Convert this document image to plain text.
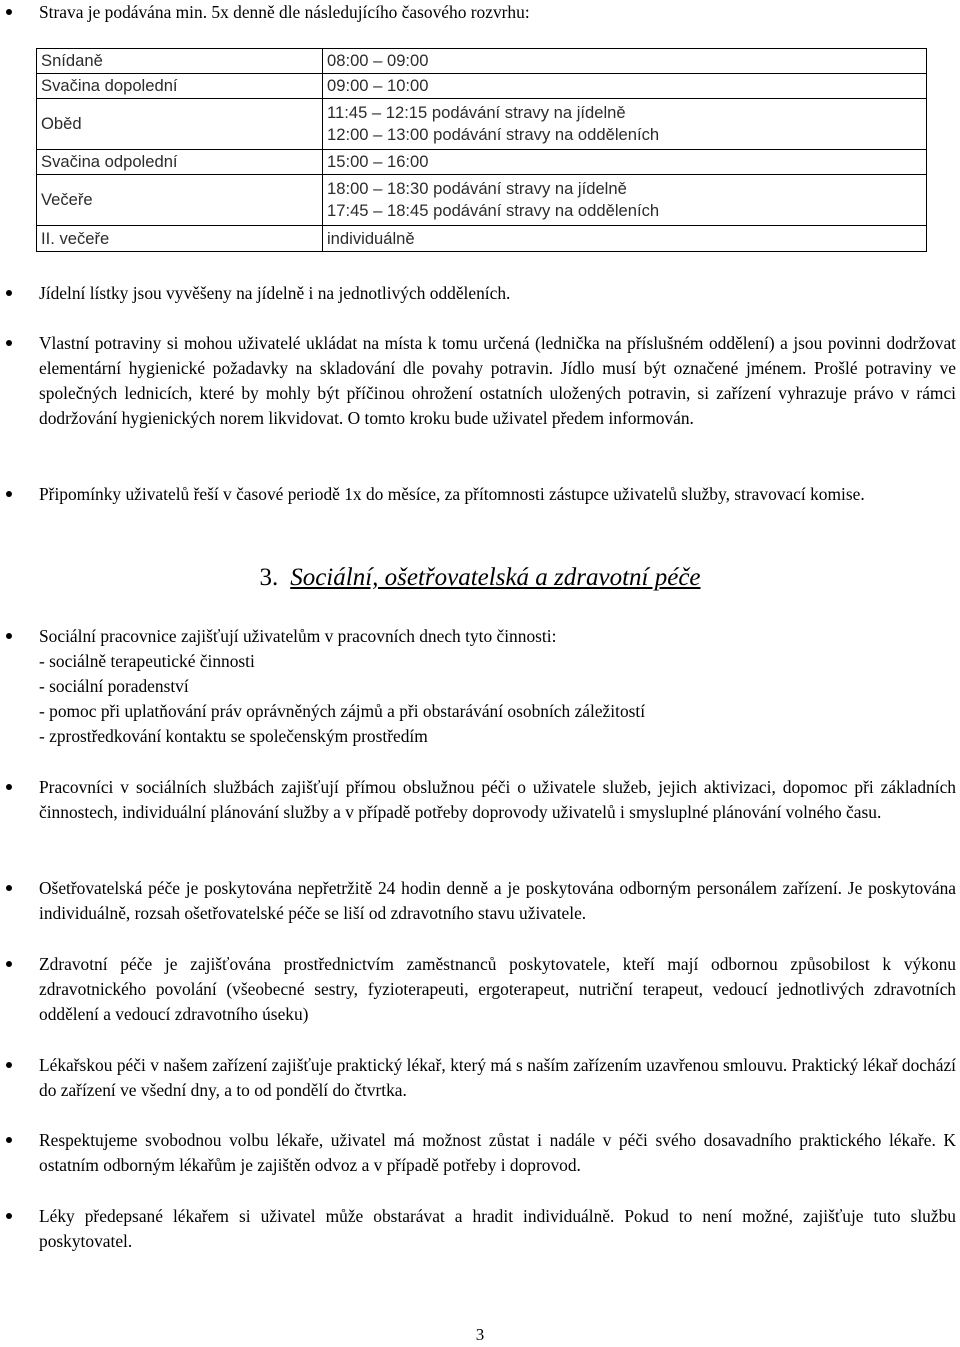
Strava je podávána min. 5x denně dle následujícího časového rozvrhu:
Snídaně	08:00 – 09:00
Svačina dopolední	09:00 – 10:00
Oběd	11:45 – 12:15 podávání stravy na jídelně
12:00 – 13:00 podávání stravy na odděleních

Svačina odpolední	15:00 – 16:00
Večeře	18:00 – 18:30 podávání stravy na jídelně
17:45 – 18:45 podávání stravy na odděleních

II. večeře	individuálně
Jídelní lístky jsou vyvěšeny na jídelně i na jednotlivých odděleních.
Vlastní potraviny si mohou uživatelé ukládat na místa k tomu určená (lednička na příslušném oddělení) a jsou povinni dodržovat elementární hygienické požadavky na skladování dle povahy potravin. Jídlo musí být označené jménem. Prošlé potraviny ve společných lednicích, které by mohly být příčinou ohrožení ostatních uložených potravin, si zařízení vyhrazuje právo v rámci dodržování hygienických norem likvidovat. O tomto kroku bude uživatel předem informován.
Připomínky uživatelů řeší v časové periodě 1x do měsíce, za přítomnosti zástupce uživatelů služby, stravovací komise.
3. Sociální, ošetřovatelská a zdravotní péče
Sociální pracovnice zajišťují uživatelům v pracovních dnech tyto činnosti:
- sociálně terapeutické činnosti
- sociální poradenství
- pomoc při uplatňování práv oprávněných zájmů a při obstarávání osobních záležitostí
- zprostředkování kontaktu se společenským prostředím
Pracovníci v sociálních službách zajišťují přímou obslužnou péči o uživatele služeb, jejich aktivizaci, dopomoc při základních činnostech, individuální plánování služby a v případě potřeby doprovody uživatelů i smysluplné plánování volného času.
Ošetřovatelská péče je poskytována nepřetržitě 24 hodin denně a je poskytována odborným personálem zařízení. Je poskytována individuálně, rozsah ošetřovatelské péče se liší od zdravotního stavu uživatele.
Zdravotní péče je zajišťována prostřednictvím zaměstnanců poskytovatele, kteří mají odbornou způsobilost k výkonu zdravotnického povolání (všeobecné sestry, fyzioterapeuti, ergoterapeut, nutriční terapeut, vedoucí jednotlivých zdravotních oddělení a vedoucí zdravotního úseku)
Lékařskou péči v našem zařízení zajišťuje praktický lékař, který má s naším zařízením uzavřenou smlouvu. Praktický lékař dochází do zařízení ve všední dny, a to od pondělí do čtvrtka.
Respektujeme svobodnou volbu lékaře, uživatel má možnost zůstat i nadále v péči svého dosavadního praktického lékaře. K ostatním odborným lékařům je zajištěn odvoz a v případě potřeby i doprovod.
Léky předepsané lékařem si uživatel může obstarávat a hradit individuálně. Pokud to není možné, zajišťuje tuto službu poskytovatel.
3
